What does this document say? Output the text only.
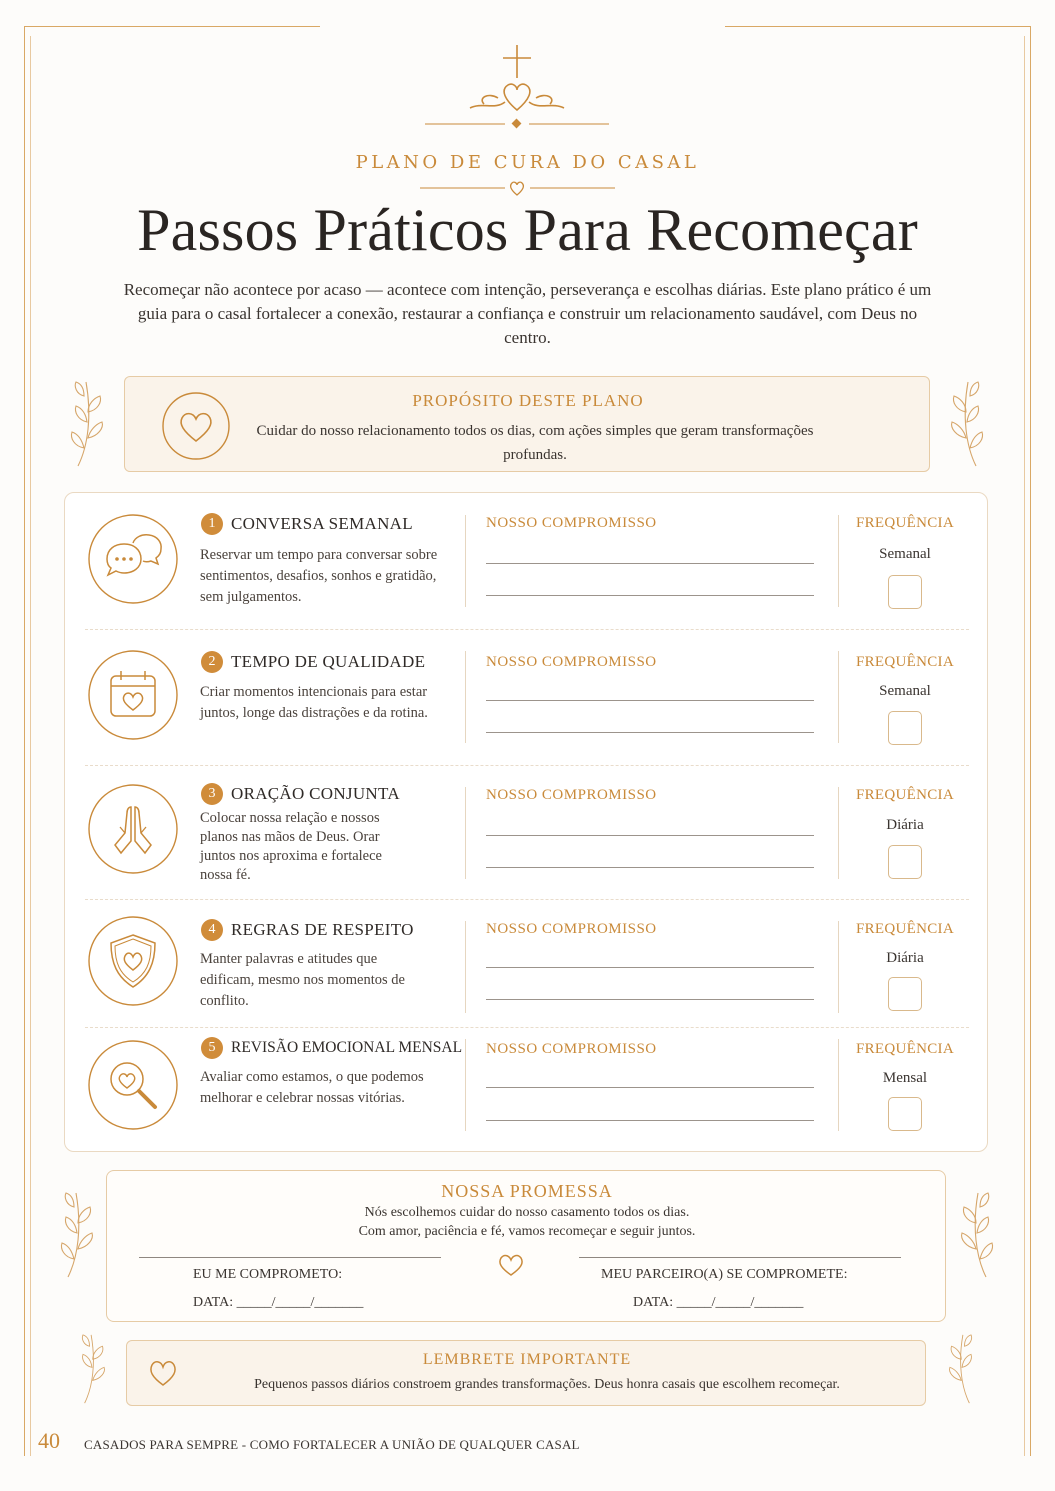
PLANO DE CURA DO CASAL
Passos Práticos Para Recomeçar
Recomeçar não acontece por acaso — acontece com intenção, perseverança e escolhas diárias. Este plano prático é um guia para o casal fortalecer a conexão, restaurar a confiança e construir um relacionamento saudável, com Deus no centro.
PROPÓSITO DESTE PLANO
Cuidar do nosso relacionamento todos os dias, com ações simples que geram transformações profundas.
1 CONVERSA SEMANAL
Reservar um tempo para conversar sobre sentimentos, desafios, sonhos e gratidão, sem julgamentos.
NOSSO COMPROMISSO	FREQUÊNCIA
Semanal
2 TEMPO DE QUALIDADE
Criar momentos intencionais para estar juntos, longe das distrações e da rotina.
NOSSO COMPROMISSO	FREQUÊNCIA
Semanal
3 ORAÇÃO CONJUNTA
Colocar nossa relação e nossos planos nas mãos de Deus. Orar juntos nos aproxima e fortalece nossa fé.
NOSSO COMPROMISSO	FREQUÊNCIA
Diária
4 REGRAS DE RESPEITO
Manter palavras e atitudes que edificam, mesmo nos momentos de conflito.
NOSSO COMPROMISSO	FREQUÊNCIA
Diária
5	REVISÃO EMOCIONAL MENSAL
Avaliar como estamos, o que podemos melhorar e celebrar nossas vitórias.
NOSSO COMPROMISSO	FREQUÊNCIA
Mensal
NOSSA PROMESSA
Nós escolhemos cuidar do nosso casamento todos os dias.
Com amor, paciência e fé, vamos recomeçar e seguir juntos.
EU ME COMPROMETO:	MEU PARCEIRO(A) SE COMPROMETE:
DATA: _____/_____/_______	DATA: _____/_____/_______
LEMBRETE IMPORTANTE
Pequenos passos diários constroem grandes transformações. Deus honra casais que escolhem recomeçar.
40 CASADOS PARA SEMPRE - COMO FORTALECER A UNIÃO DE QUALQUER CASAL
